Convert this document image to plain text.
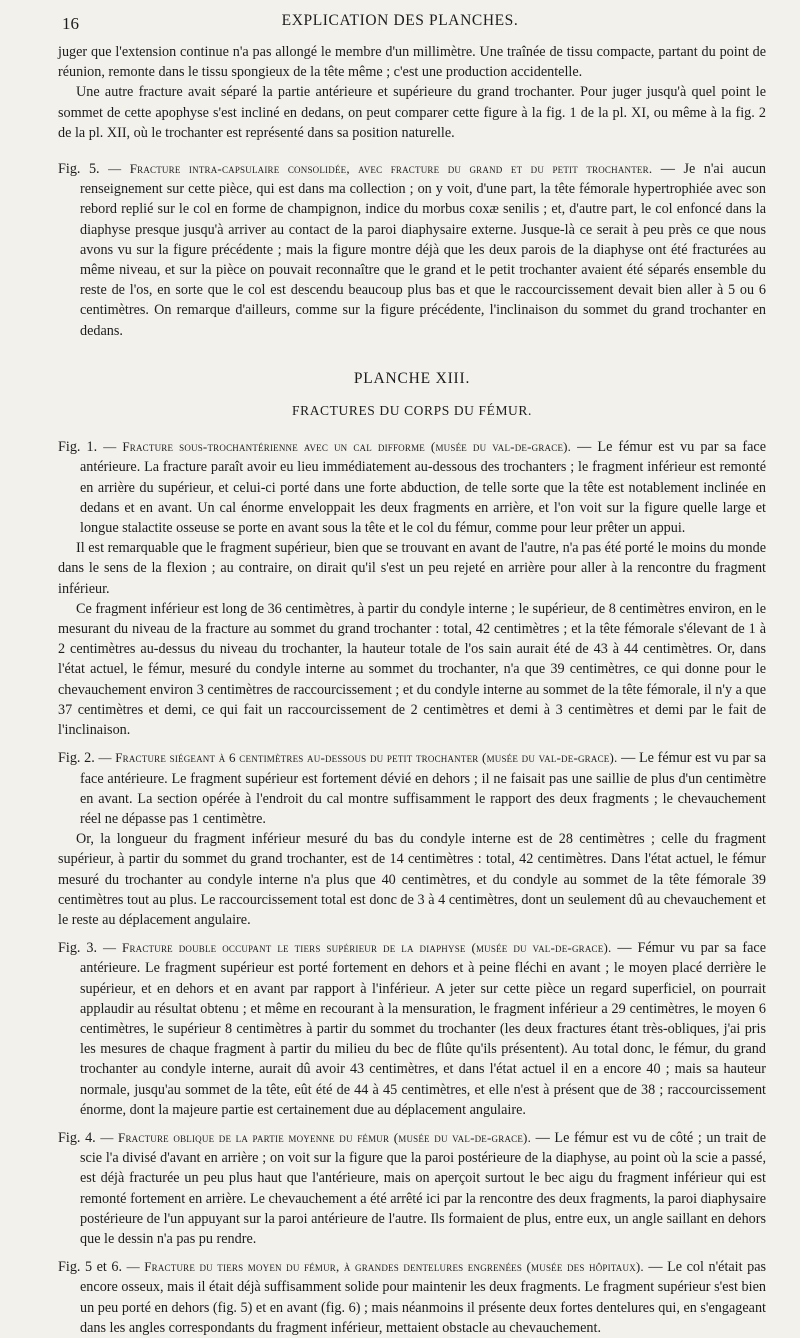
16	EXPLICATION DES PLANCHES.

juger que l'extension continue n'a pas allongé le membre d'un millimètre. Une traînée de tissu compacte, partant du point de réunion, remonte dans le tissu spongieux de la tête même ; c'est une production accidentelle.

Une autre fracture avait séparé la partie antérieure et supérieure du grand trochanter. Pour juger jusqu'à quel point le sommet de cette apophyse s'est incliné en dedans, on peut comparer cette figure à la fig. 1 de la pl. XI, ou même à la fig. 2 de la pl. XII, où le trochanter est représenté dans sa position naturelle.

Fig. 5. — Fracture intra-capsulaire consolidée, avec fracture du grand et du petit trochanter. — Je n'ai aucun renseignement sur cette pièce, qui est dans ma collection ; on y voit, d'une part, la tête fémorale hypertrophiée avec son rebord replié sur le col en forme de champignon, indice du morbus coxæ senilis ; et, d'autre part, le col enfoncé dans la diaphyse presque jusqu'à arriver au contact de la paroi diaphysaire externe. Jusque-là ce serait à peu près ce que nous avons vu sur la figure précédente ; mais la figure montre déjà que les deux parois de la diaphyse ont été fracturées au même niveau, et sur la pièce on pouvait reconnaître que le grand et le petit trochanter avaient été séparés ensemble du reste de l'os, en sorte que le col est descendu beaucoup plus bas et que le raccourcissement devait bien aller à 5 ou 6 centimètres. On remarque d'ailleurs, comme sur la figure précédente, l'inclinaison du sommet du grand trochanter en dedans.

PLANCHE XIII.
FRACTURES DU CORPS DU FÉMUR.

Fig. 1. — Fracture sous-trochantérienne avec un cal difforme (musée du val-de-grace). — Le fémur est vu par sa face antérieure. La fracture paraît avoir eu lieu immédiatement au-dessous des trochanters ; le fragment inférieur est remonté en arrière du supérieur, et celui-ci porté dans une forte abduction, de telle sorte que la tête est notablement inclinée en dedans et en avant. Un cal énorme enveloppait les deux fragments en arrière, et l'on voit sur la figure quelle large et longue stalactite osseuse se porte en avant sous la tête et le col du fémur, comme pour leur prêter un appui.

Il est remarquable que le fragment supérieur, bien que se trouvant en avant de l'autre, n'a pas été porté le moins du monde dans le sens de la flexion ; au contraire, on dirait qu'il s'est un peu rejeté en arrière pour aller à la rencontre du fragment inférieur.

Ce fragment inférieur est long de 36 centimètres, à partir du condyle interne ; le supérieur, de 8 centimètres environ, en le mesurant du niveau de la fracture au sommet du grand trochanter : total, 42 centimètres ; et la tête fémorale s'élevant de 1 à 2 centimètres au-dessus du niveau du trochanter, la hauteur totale de l'os sain aurait été de 43 à 44 centimètres. Or, dans l'état actuel, le fémur, mesuré du condyle interne au sommet du trochanter, n'a que 39 centimètres, ce qui donne pour le chevauchement environ 3 centimètres de raccourcissement ; et du condyle interne au sommet de la tête fémorale, il n'y a que 37 centimètres et demi, ce qui fait un raccourcissement de 2 centimètres et demi à 3 centimètres et demi par le fait de l'inclinaison.

Fig. 2. — Fracture siégeant à 6 centimètres au-dessous du petit trochanter (musée du val-de-grace). — Le fémur est vu par sa face antérieure. Le fragment supérieur est fortement dévié en dehors ; il ne faisait pas une saillie de plus d'un centimètre en avant. La section opérée à l'endroit du cal montre suffisamment le rapport des deux fragments ; le chevauchement réel ne dépasse pas 1 centimètre.

Or, la longueur du fragment inférieur mesuré du bas du condyle interne est de 28 centimètres ; celle du fragment supérieur, à partir du sommet du grand trochanter, est de 14 centimètres : total, 42 centimètres. Dans l'état actuel, le fémur mesuré du trochanter au condyle interne n'a plus que 40 centimètres, et du condyle au sommet de la tête fémorale 39 centimètres tout au plus. Le raccourcissement total est donc de 3 à 4 centimètres, dont un seulement dû au chevauchement et le reste au déplacement angulaire.

Fig. 3. — Fracture double occupant le tiers supérieur de la diaphyse (musée du val-de-grace). — Fémur vu par sa face antérieure. Le fragment supérieur est porté fortement en dehors et à peine fléchi en avant ; le moyen placé derrière le supérieur, et en dehors et en avant par rapport à l'inférieur. A jeter sur cette pièce un regard superficiel, on pourrait applaudir au résultat obtenu ; et même en recourant à la mensuration, le fragment inférieur a 29 centimètres, le moyen 6 centimètres, le supérieur 8 centimètres à partir du sommet du trochanter (les deux fractures étant très-obliques, j'ai pris les mesures de chaque fragment à partir du milieu du bec de flûte qu'ils présentent). Au total donc, le fémur, du grand trochanter au condyle interne, aurait dû avoir 43 centimètres, et dans l'état actuel il en a encore 40 ; mais sa hauteur normale, jusqu'au sommet de la tête, eût été de 44 à 45 centimètres, et elle n'est à présent que de 38 ; raccourcissement énorme, dont la majeure partie est certainement due au déplacement angulaire.

Fig. 4. — Fracture oblique de la partie moyenne du fémur (musée du val-de-grace). — Le fémur est vu de côté ; un trait de scie l'a divisé d'avant en arrière ; on voit sur la figure que la paroi postérieure de la diaphyse, au point où la scie a passé, est déjà fracturée un peu plus haut que l'antérieure, mais on aperçoit surtout le bec aigu du fragment inférieur qui est remonté fortement en arrière. Le chevauchement a été arrêté ici par la rencontre des deux fragments, la paroi diaphysaire postérieure de l'un appuyant sur la paroi antérieure de l'autre. Ils formaient de plus, entre eux, un angle saillant en dehors que le dessin n'a pas pu rendre.

Fig. 5 et 6. — Fracture du tiers moyen du fémur, à grandes dentelures engrenées (musée des hôpitaux). — Le col n'était pas encore osseux, mais il était déjà suffisamment solide pour maintenir les deux fragments. Le fragment supérieur s'est bien un peu porté en dehors (fig. 5) et en avant (fig. 6) ; mais néanmoins il présente deux fortes dentelures qui, en s'engageant dans les angles correspondants du fragment inférieur, mettaient obstacle au chevauchement.
